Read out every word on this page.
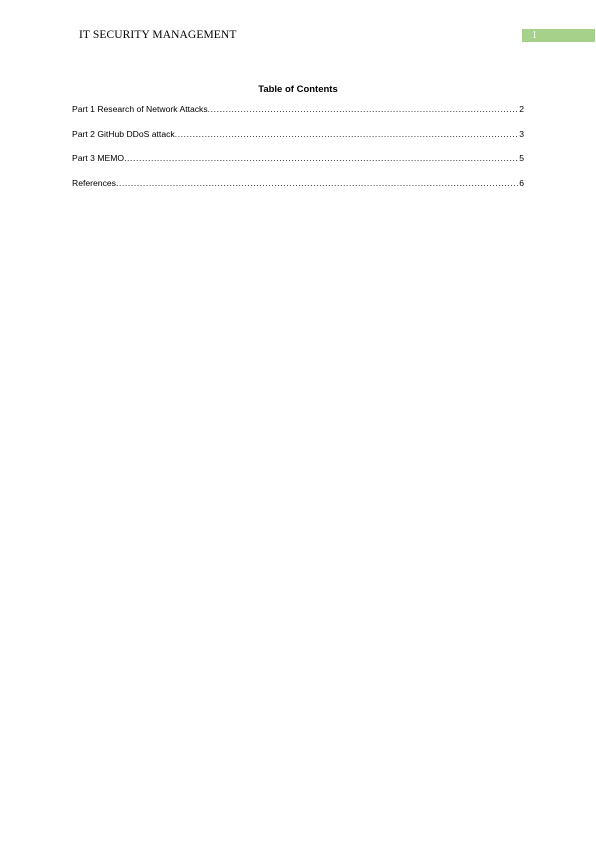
IT SECURITY MANAGEMENT	1
Table of Contents
Part 1 Research of Network Attacks .....	2
Part 2 GitHub DDoS attack .....	3
Part 3 MEMO .....	5
References .....	6
